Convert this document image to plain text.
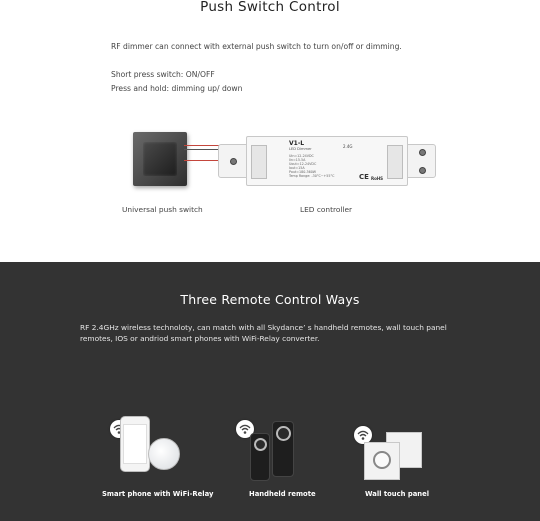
Push Switch Control
RF dimmer can connect with external push switch to turn on/off or dimming.
Short press switch: ON/OFF
Press and hold: dimming up/ down
V1-L
LED Dimmer
Uin=12-24VDC
Iin=15.5A
Uout=12-24VDC
Iout=15A
Pout=180-360W
Temp Range: -30°C~+55°C
2.4G
CE RoHS
Universal push switch	LED controller
Three Remote Control Ways
RF 2.4GHz wireless technoloty, can match with all Skydance’ s handheld remotes, wall touch panel remotes, IOS or andriod smart phones with WiFi-Relay converter.
Smart phone with WiFi-Relay	Handheld remote	Wall touch panel
